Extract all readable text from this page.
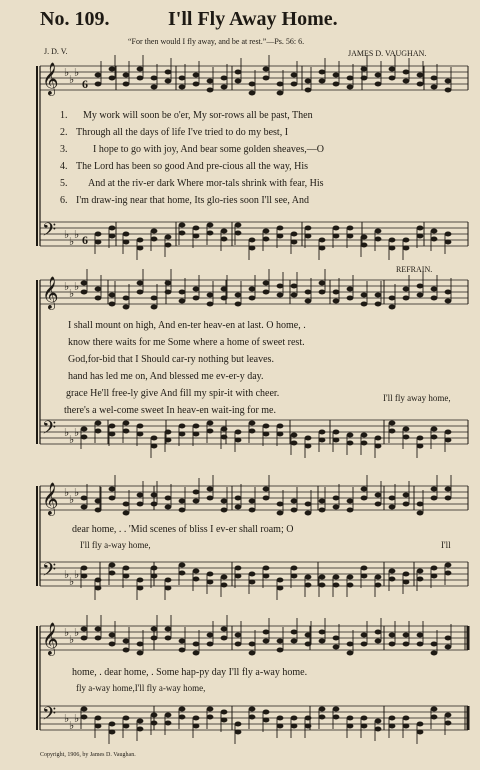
No. 109.	I'll Fly Away Home.
“For then would I fly away, and be at rest.”—Ps. 56: 6.
J. D. V.	JAMES D. VAUGHAN.
𝄞
𝄢
♭
♭
♭
♭
♭
♭
6
6
𝄞
𝄢
♭
♭
♭
♭
♭
♭
𝄞
𝄢
♭
♭
♭
♭
♭
♭
𝄞
𝄢
♭
♭
♭
♭
♭
♭
1. My work will soon be o'er, My sor-rows all be past, Then
2. Through all the days of life I've tried to do my best, I
3.	I hope to go with joy, And bear some golden sheaves,—O
4. The Lord has been so good And pre-cious all the way, His
5. And at the riv-er dark Where mor-tals shrink with fear, His
6. I'm draw-ing near that home, Its glo-ries soon I'll see, And
REFRAIN.
I shall mount on high, And en-ter heav-en at last. O home, .
know there waits for me Some where a home of sweet rest.
God,for-bid that I Should car-ry nothing but leaves.
hand has led me on, And blessed me ev-er-y day.
grace He'll free-ly give And fill my spir-it with cheer.
there's a wel-come sweet In heav-en wait-ing for me.
I'll fly away home,
dear home, . . 'Mid scenes of bliss I ev-er shall roam; O
I'll fly a-way home,	I'll
home, . dear home, . Some hap-py day I'll fly a-way home.
fly a-way home,I'll fly a-way home,
Copyright, 1906, by James D. Vaughan.
